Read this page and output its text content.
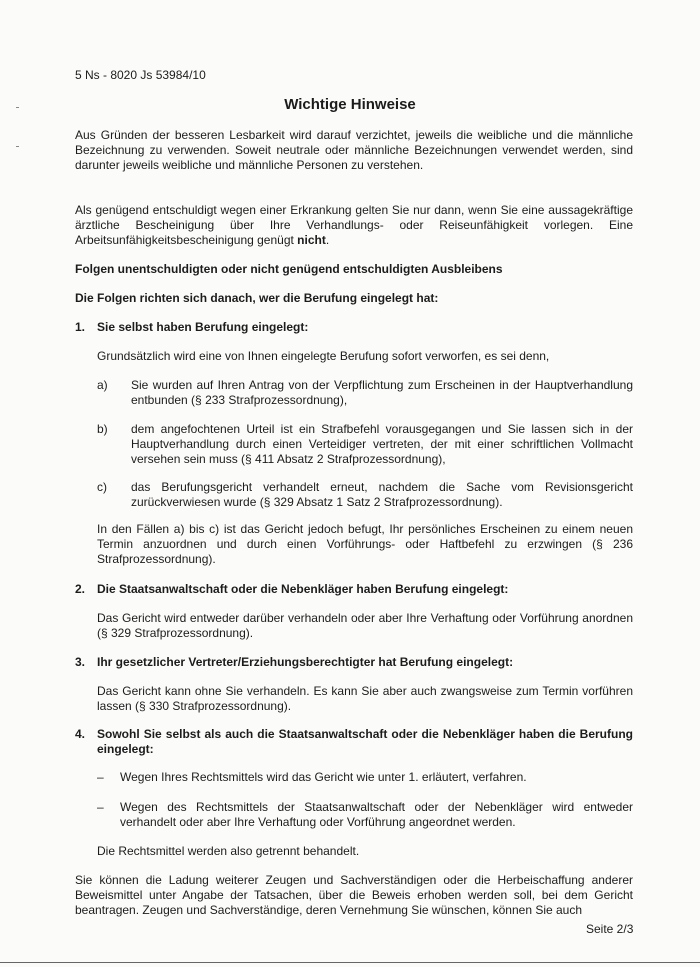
5 Ns - 8020 Js 53984/10
Wichtige Hinweise
Aus Gründen der besseren Lesbarkeit wird darauf verzichtet, jeweils die weibliche und die männliche Bezeichnung zu verwenden. Soweit neutrale oder männliche Bezeichnungen verwendet werden, sind darunter jeweils weibliche und männliche Personen zu verstehen.
Als genügend entschuldigt wegen einer Erkrankung gelten Sie nur dann, wenn Sie eine aussagekräftige ärztliche Bescheinigung über Ihre Verhandlungs- oder Reiseunfähigkeit vorlegen. Eine Arbeitsunfähigkeitsbescheinigung genügt nicht.
Folgen unentschuldigten oder nicht genügend entschuldigten Ausbleibens
Die Folgen richten sich danach, wer die Berufung eingelegt hat:
1. Sie selbst haben Berufung eingelegt:
Grundsätzlich wird eine von Ihnen eingelegte Berufung sofort verworfen, es sei denn,
a) Sie wurden auf Ihren Antrag von der Verpflichtung zum Erscheinen in der Hauptverhandlung entbunden (§ 233 Strafprozessordnung),
b) dem angefochtenen Urteil ist ein Strafbefehl vorausgegangen und Sie lassen sich in der Hauptverhandlung durch einen Verteidiger vertreten, der mit einer schriftlichen Vollmacht versehen sein muss (§ 411 Absatz 2 Strafprozessordnung),
c) das Berufungsgericht verhandelt erneut, nachdem die Sache vom Revisionsgericht zurückverwiesen wurde (§ 329 Absatz 1 Satz 2 Strafprozessordnung).
In den Fällen a) bis c) ist das Gericht jedoch befugt, Ihr persönliches Erscheinen zu einem neuen Termin anzuordnen und durch einen Vorführungs- oder Haftbefehl zu erzwingen (§ 236 Strafprozessordnung).
2. Die Staatsanwaltschaft oder die Nebenkläger haben Berufung eingelegt:
Das Gericht wird entweder darüber verhandeln oder aber Ihre Verhaftung oder Vorführung anordnen (§ 329 Strafprozessordnung).
3. Ihr gesetzlicher Vertreter/Erziehungsberechtigter hat Berufung eingelegt:
Das Gericht kann ohne Sie verhandeln. Es kann Sie aber auch zwangsweise zum Termin vorführen lassen (§ 330 Strafprozessordnung).
4. Sowohl Sie selbst als auch die Staatsanwaltschaft oder die Nebenkläger haben die Berufung eingelegt:
– Wegen Ihres Rechtsmittels wird das Gericht wie unter 1. erläutert, verfahren.
– Wegen des Rechtsmittels der Staatsanwaltschaft oder der Nebenkläger wird entweder verhandelt oder aber Ihre Verhaftung oder Vorführung angeordnet werden.
Die Rechtsmittel werden also getrennt behandelt.
Sie können die Ladung weiterer Zeugen und Sachverständigen oder die Herbeischaffung anderer Beweismittel unter Angabe der Tatsachen, über die Beweis erhoben werden soll, bei dem Gericht beantragen. Zeugen und Sachverständige, deren Vernehmung Sie wünschen, können Sie auch
Seite 2/3
